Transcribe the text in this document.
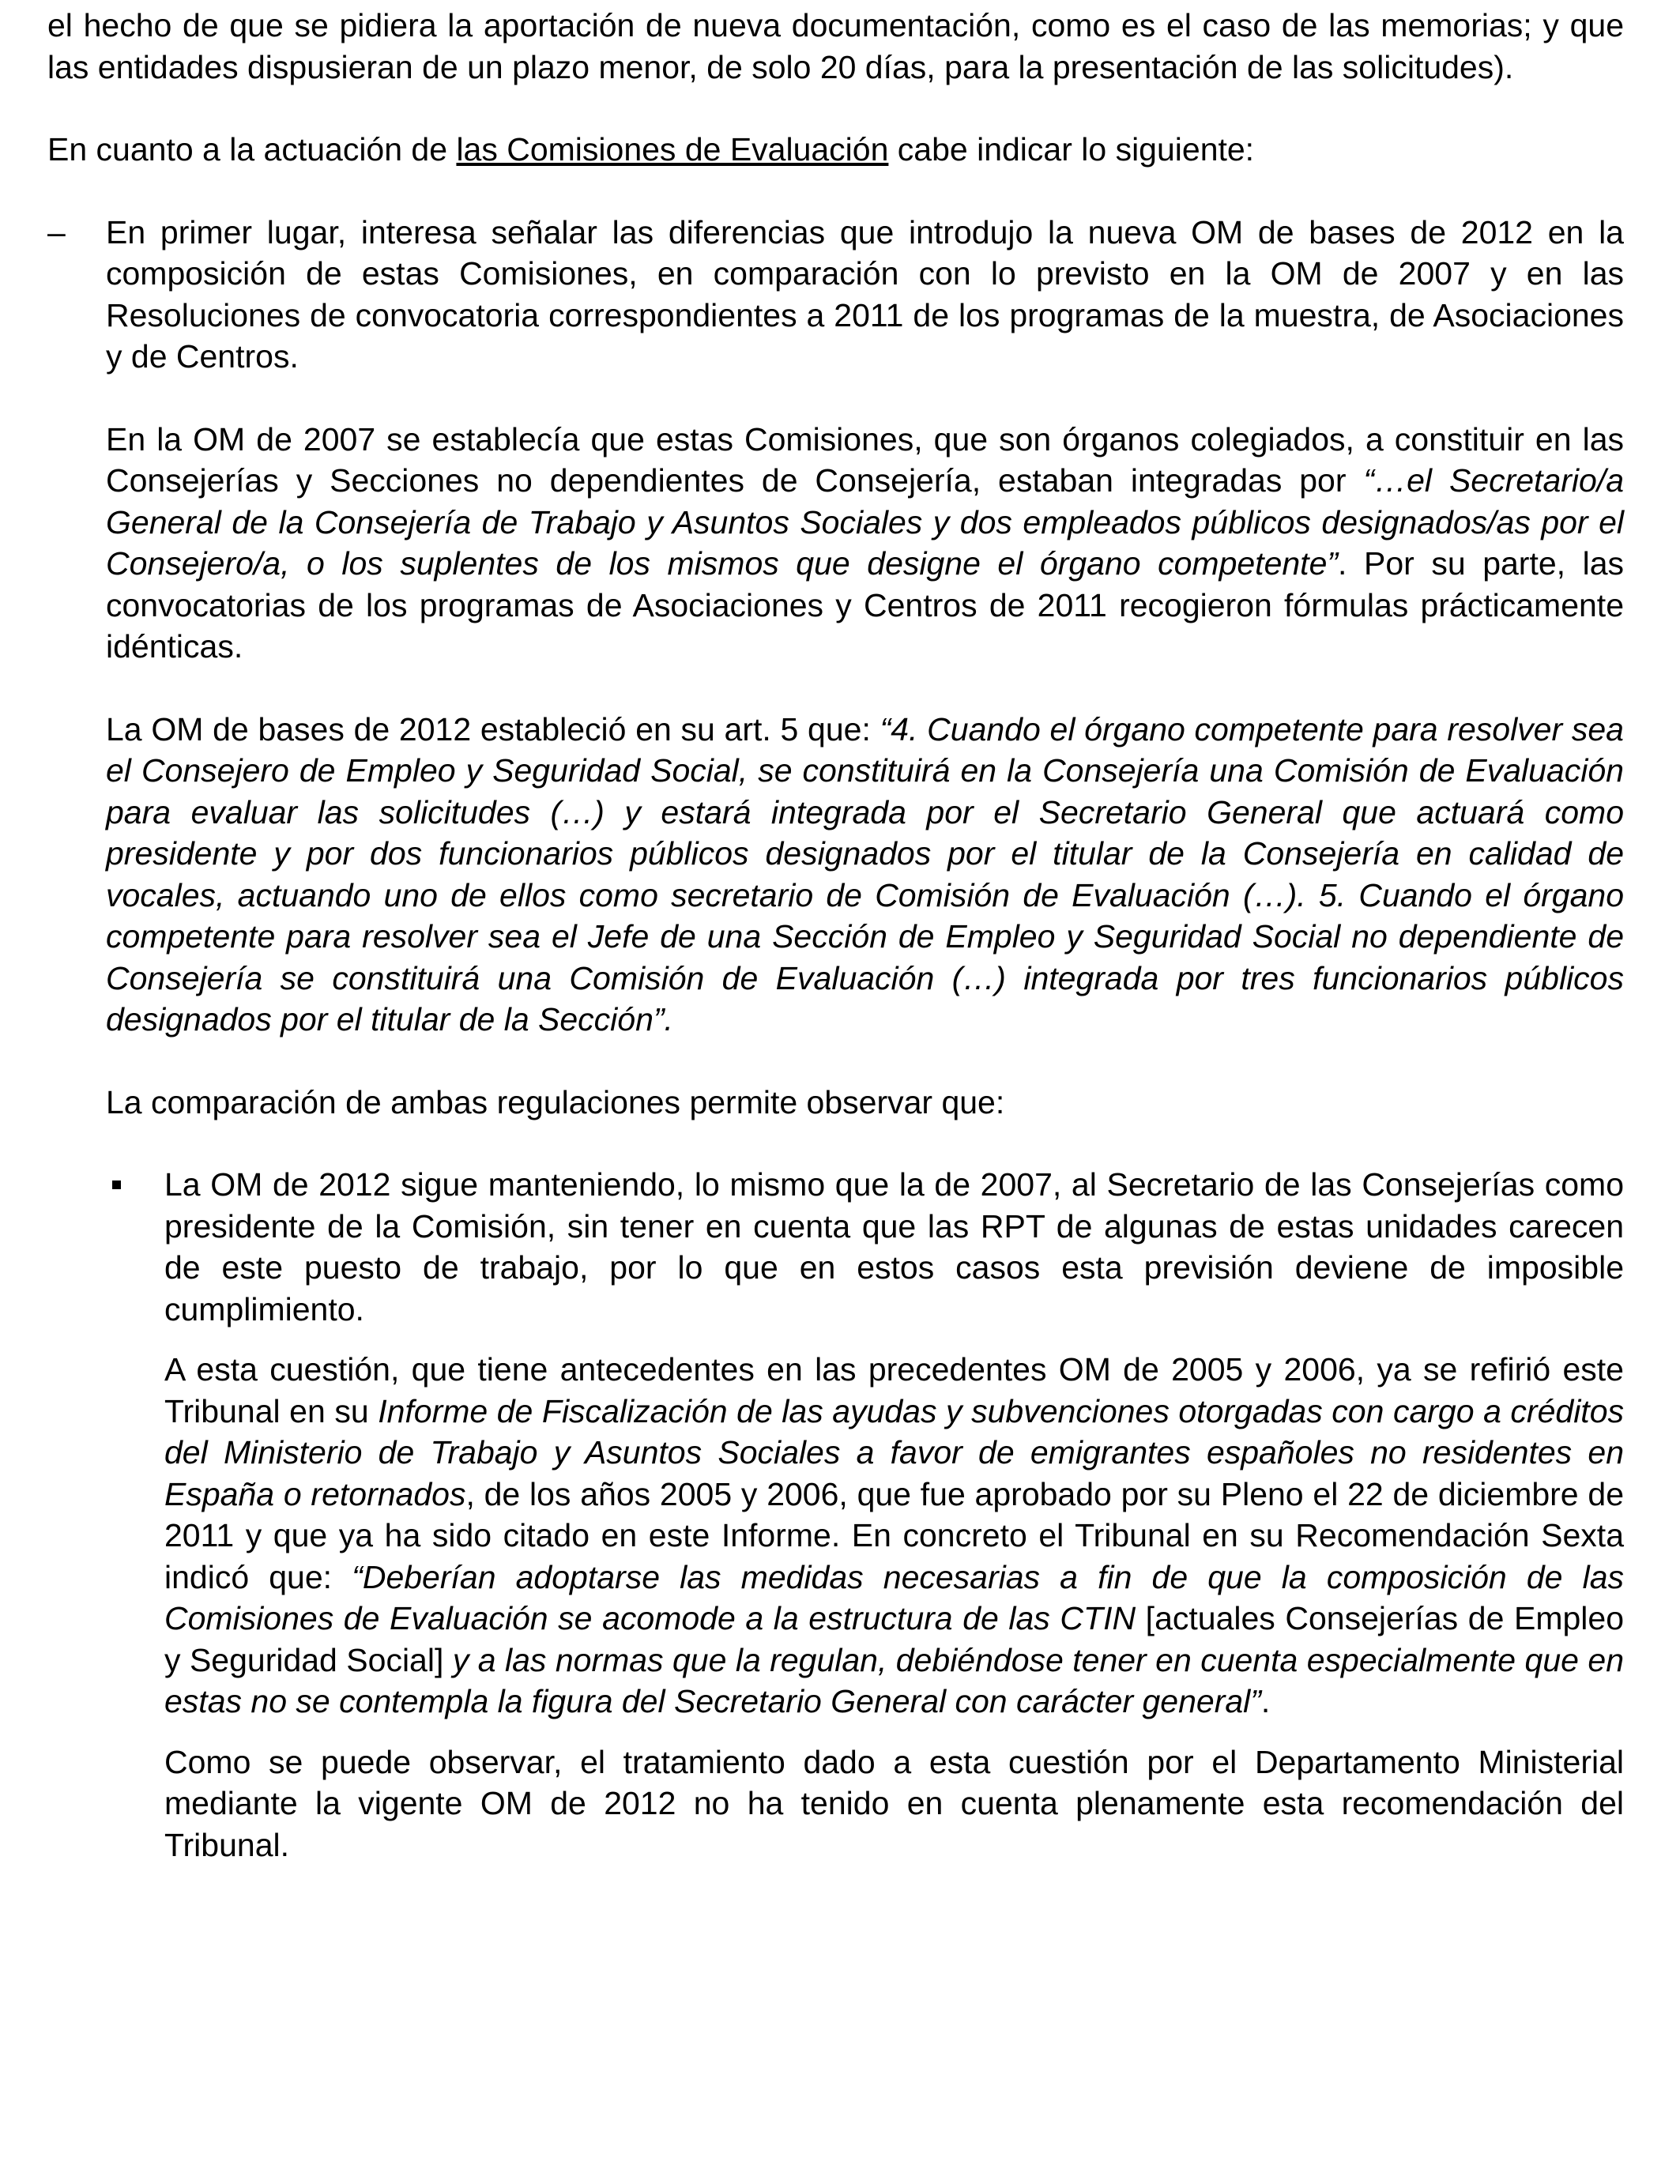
el hecho de que se pidiera la aportación de nueva documentación, como es el caso de las memorias; y que las entidades dispusieran de un plazo menor, de solo 20 días, para la presentación de las solicitudes).

En cuanto a la actuación de las Comisiones de Evaluación cabe indicar lo siguiente:

– En primer lugar, interesa señalar las diferencias que introdujo la nueva OM de bases de 2012 en la composición de estas Comisiones, en comparación con lo previsto en la OM de 2007 y en las Resoluciones de convocatoria correspondientes a 2011 de los programas de la muestra, de Asociaciones y de Centros.

En la OM de 2007 se establecía que estas Comisiones, que son órganos colegiados, a constituir en las Consejerías y Secciones no dependientes de Consejería, estaban integradas por “…el Secretario/a General de la Consejería de Trabajo y Asuntos Sociales y dos empleados públicos designados/as por el Consejero/a, o los suplentes de los mismos que designe el órgano competente”. Por su parte, las convocatorias de los programas de Asociaciones y Centros de 2011 recogieron fórmulas prácticamente idénticas.

La OM de bases de 2012 estableció en su art. 5 que: “4. Cuando el órgano competente para resolver sea el Consejero de Empleo y Seguridad Social, se constituirá en la Consejería una Comisión de Evaluación para evaluar las solicitudes (…) y estará integrada por el Secretario General que actuará como presidente y por dos funcionarios públicos designados por el titular de la Consejería en calidad de vocales, actuando uno de ellos como secretario de Comisión de Evaluación (…). 5. Cuando el órgano competente para resolver sea el Jefe de una Sección de Empleo y Seguridad Social no dependiente de Consejería se constituirá una Comisión de Evaluación (…) integrada por tres funcionarios públicos designados por el titular de la Sección”.

La comparación de ambas regulaciones permite observar que:

La OM de 2012 sigue manteniendo, lo mismo que la de 2007, al Secretario de las Consejerías como presidente de la Comisión, sin tener en cuenta que las RPT de algunas de estas unidades carecen de este puesto de trabajo, por lo que en estos casos esta previsión deviene de imposible cumplimiento.

A esta cuestión, que tiene antecedentes en las precedentes OM de 2005 y 2006, ya se refirió este Tribunal en su Informe de Fiscalización de las ayudas y subvenciones otorgadas con cargo a créditos del Ministerio de Trabajo y Asuntos Sociales a favor de emigrantes españoles no residentes en España o retornados, de los años 2005 y 2006, que fue aprobado por su Pleno el 22 de diciembre de 2011 y que ya ha sido citado en este Informe. En concreto el Tribunal en su Recomendación Sexta indicó que: “Deberían adoptarse las medidas necesarias a fin de que la composición de las Comisiones de Evaluación se acomode a la estructura de las CTIN [actuales Consejerías de Empleo y Seguridad Social] y a las normas que la regulan, debiéndose tener en cuenta especialmente que en estas no se contempla la figura del Secretario General con carácter general”.

Como se puede observar, el tratamiento dado a esta cuestión por el Departamento Ministerial mediante la vigente OM de 2012 no ha tenido en cuenta plenamente esta recomendación del Tribunal.
